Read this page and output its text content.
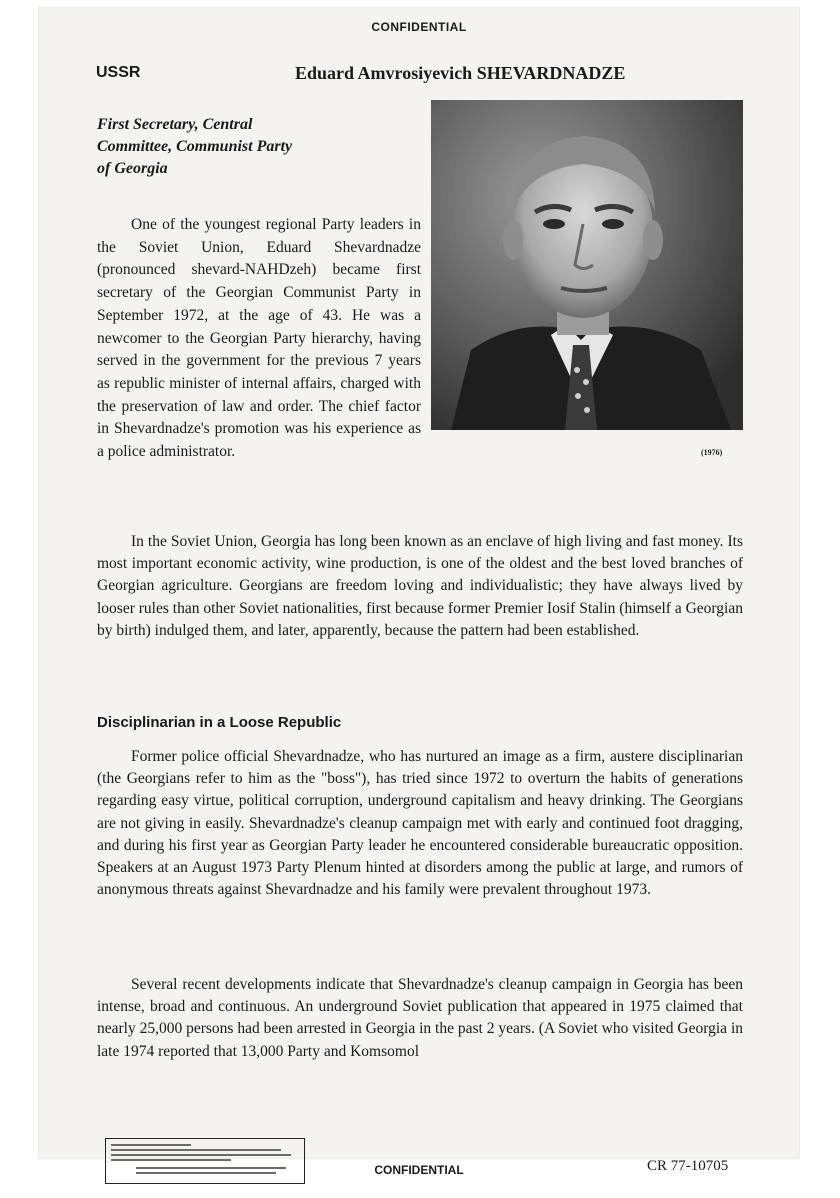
CONFIDENTIAL
USSR	Eduard Amvrosiyevich SHEVARDNADZE
First Secretary, Central
Committee, Communist Party
of Georgia

One of the youngest regional Party leaders in the Soviet Union, Eduard Shevardnadze (pronounced shevard-NAHDzeh) became first secretary of the Georgian Communist Party in September 1972, at the age of 43. He was a newcomer to the Georgian Party hierarchy, having served in the government for the previous 7 years as republic minister of internal affairs, charged with the preservation of law and order. The chief factor in Shevardnadze's promotion was his experience as a police administrator.	(1976)

In the Soviet Union, Georgia has long been known as an enclave of high living and fast money. Its most important economic activity, wine production, is one of the oldest and the best loved branches of Georgian agriculture. Georgians are freedom loving and individualistic; they have always lived by looser rules than other Soviet nationalities, first because former Premier Iosif Stalin (himself a Georgian by birth) indulged them, and later, apparently, because the pattern had been established.

Disciplinarian in a Loose Republic

Former police official Shevardnadze, who has nurtured an image as a firm, austere disciplinarian (the Georgians refer to him as the "boss"), has tried since 1972 to overturn the habits of generations regarding easy virtue, political corruption, underground capitalism and heavy drinking. The Georgians are not giving in easily. Shevardnadze's cleanup campaign met with early and continued foot dragging, and during his first year as Georgian Party leader he encountered considerable bureaucratic opposition. Speakers at an August 1973 Party Plenum hinted at disorders among the public at large, and rumors of anonymous threats against Shevardnadze and his family were prevalent throughout 1973.

Several recent developments indicate that Shevardnadze's cleanup campaign in Georgia has been intense, broad and continuous. An underground Soviet publication that appeared in 1975 claimed that nearly 25,000 persons had been arrested in Georgia in the past 2 years. (A Soviet who visited Georgia in late 1974 reported that 13,000 Party and Komsomol

CONFIDENTIAL	CR 77-10705
